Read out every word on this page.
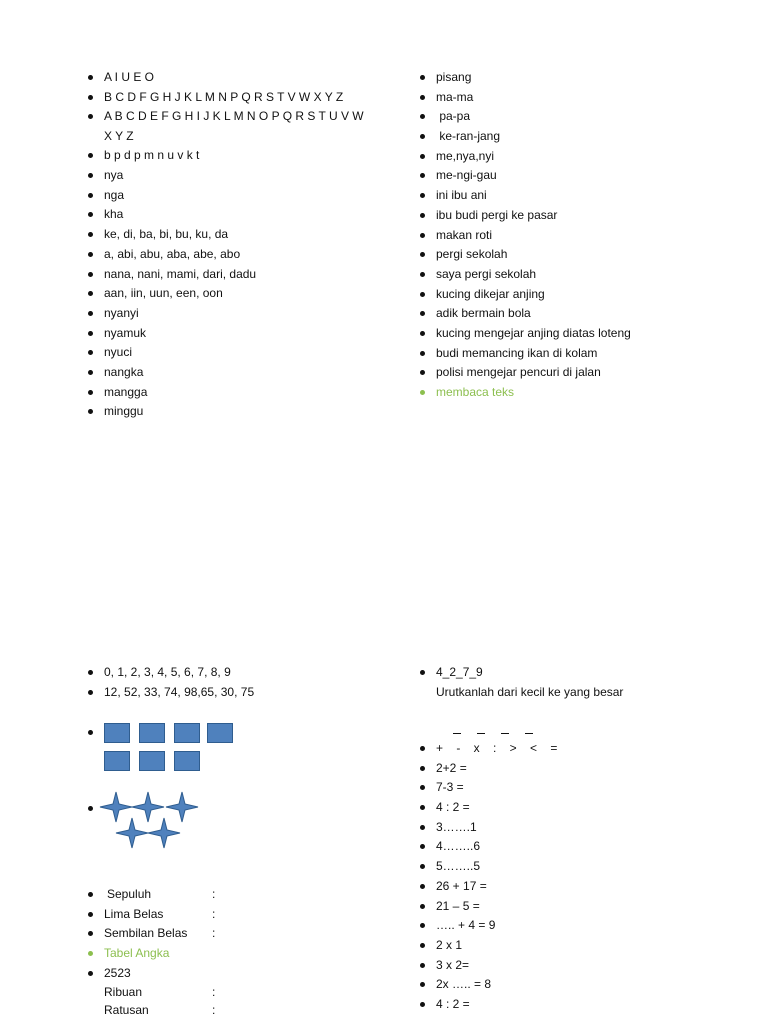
A I U E O
B C D F G H J K L M N P Q R S T V W X Y Z
A B C D E F G H I J K L M N O P Q R S T U V W X Y Z
b p d p m n u v k t
nya
nga
kha
ke, di, ba, bi, bu, ku, da
a, abi, abu, aba, abe, abo
nana, nani, mami, dari, dadu
aan, iin, uun, een, oon
nyanyi
nyamuk
nyuci
nangka
mangga
minggu
pisang
ma-ma
pa-pa
ke-ran-jang
me,nya,nyi
me-ngi-gau
ini ibu ani
ibu budi pergi ke pasar
makan roti
pergi sekolah
saya pergi sekolah
kucing dikejar anjing
adik bermain bola
kucing mengejar anjing diatas loteng
budi memancing ikan di kolam
polisi mengejar pencuri di jalan
membaca teks
0, 1, 2, 3, 4, 5, 6, 7, 8, 9
12, 52, 33, 74, 98,65, 30, 75
Sepuluh	:
Lima Belas	:
Sembilan Belas :
Tabel Angka
2523
Ribuan	:
Ratusan	:
4_2_7_9
Urutkanlah dari kecil ke yang besar
+    -    x    :    >    <    =
2+2 =
7-3 =
4 : 2 =
3…….1
4……..6
5……..5
26 + 17 =
21 – 5 =
….. + 4 = 9
2 x 1
3 x 2=
2x ….. = 8
4 : 2 =
